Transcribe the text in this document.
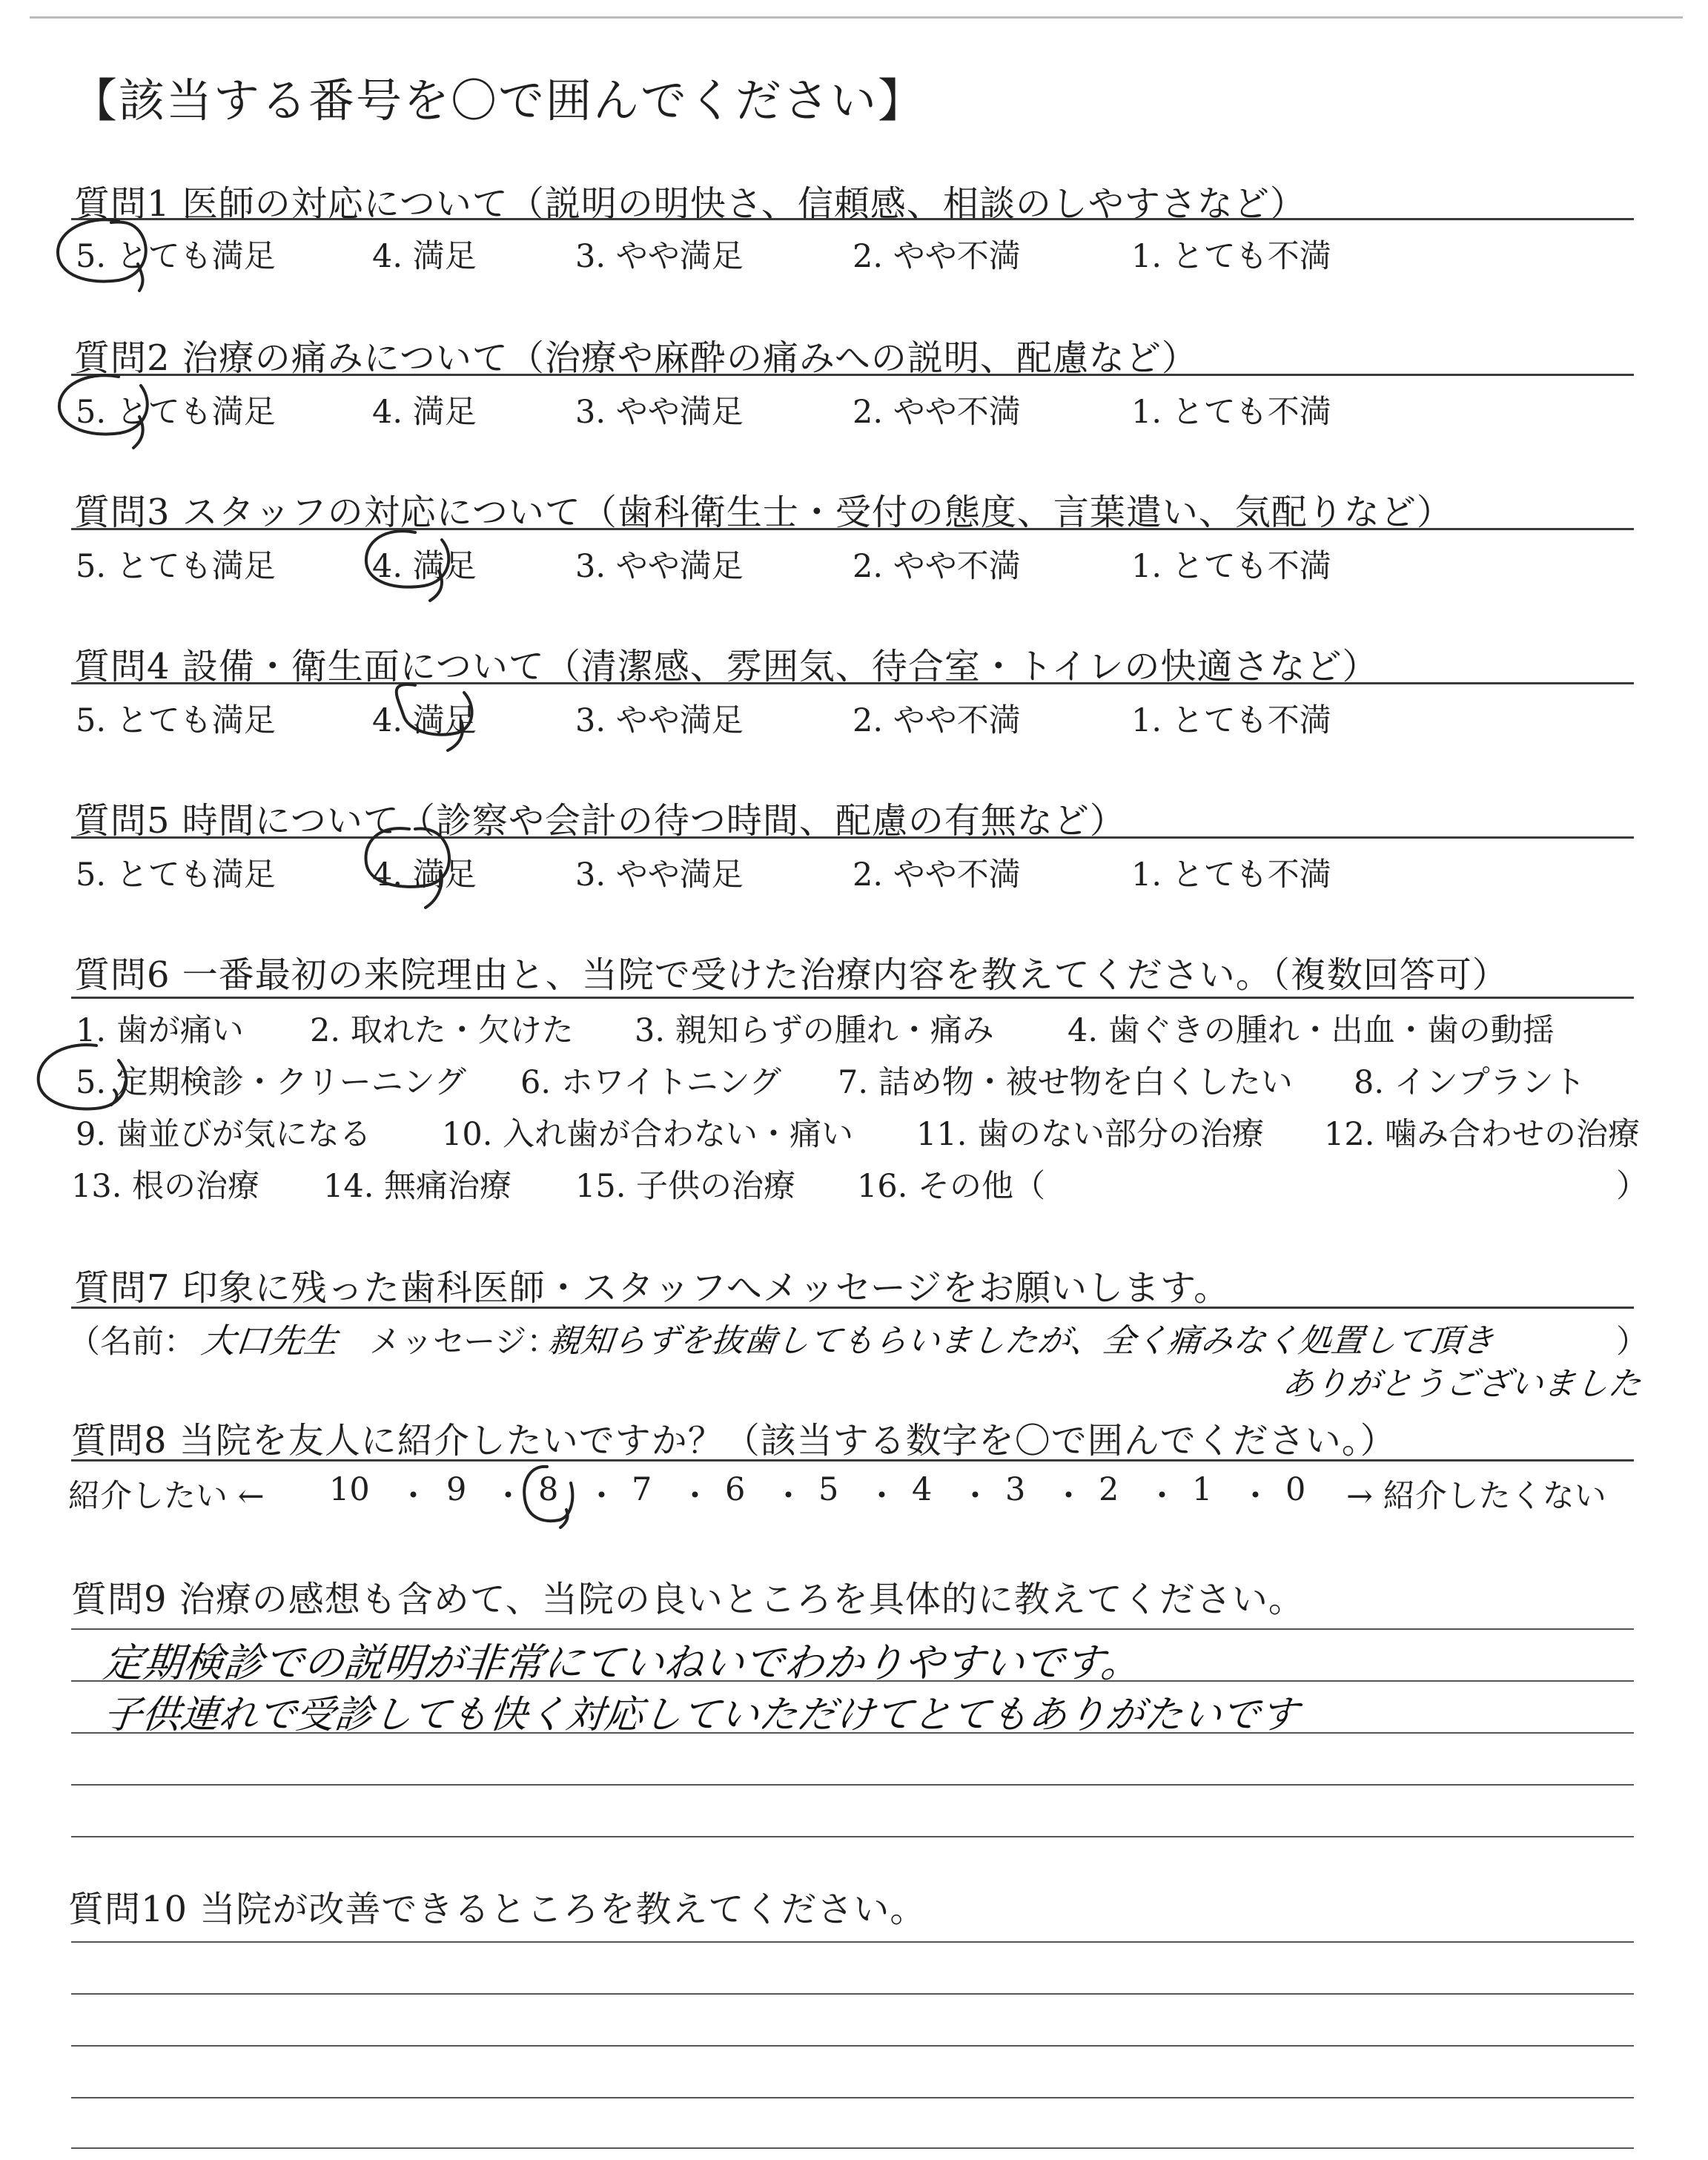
【該当する番号を〇で囲んでください】
質問1 医師の対応について（説明の明快さ、信頼感、相談のしやすさなど）
5. とても満足	4. 満足	3. やや満足	2. やや不満	1. とても不満
質問2 治療の痛みについて（治療や麻酔の痛みへの説明、配慮など）
5. とても満足	4. 満足	3. やや満足	2. やや不満	1. とても不満
質問3 スタッフの対応について（歯科衛生士・受付の態度、言葉遣い、気配りなど）
5. とても満足	4. 満足	3. やや満足	2. やや不満	1. とても不満
質問4 設備・衛生面について（清潔感、雰囲気、待合室・トイレの快適さなど）
5. とても満足	4. 満足	3. やや満足	2. やや不満	1. とても不満
質問5 時間について（診察や会計の待つ時間、配慮の有無など）
5. とても満足	4. 満足	3. やや満足	2. やや不満	1. とても不満
質問6 一番最初の来院理由と、当院で受けた治療内容を教えてください。（複数回答可）
1. 歯が痛い 2. 取れた・欠けた 3. 親知らずの腫れ・痛み 4. 歯ぐきの腫れ・出血・歯の動揺
5. 定期検診・クリーニング 6. ホワイトニング 7. 詰め物・被せ物を白くしたい 8. インプラント
9. 歯並びが気になる 10. 入れ歯が合わない・痛い 11. 歯のない部分の治療 12. 噛み合わせの治療
13. 根の治療 14. 無痛治療 15. 子供の治療 16. その他（	）
質問7 印象に残った歯科医師・スタッフへメッセージをお願いします。
（名前： 大口先生 メッセージ：
親知らずを抜歯してもらいましたが、全く痛みなく処置して頂き	）
ありがとうございました
質問8 当院を友人に紹介したいですか？（該当する数字を〇で囲んでください。）
紹介したい ← 10 ・ 9 ・ 8 ・ 7 ・ 6 ・ 5 ・ 4 ・ 3 ・ 2 ・ 1 ・ 0 → 紹介したくない
質問9 治療の感想も含めて、当院の良いところを具体的に教えてください。
定期検診での説明が非常にていねいでわかりやすいです。
子供連れで受診しても快く対応していただけてとてもありがたいです
質問10 当院が改善できるところを教えてください。
